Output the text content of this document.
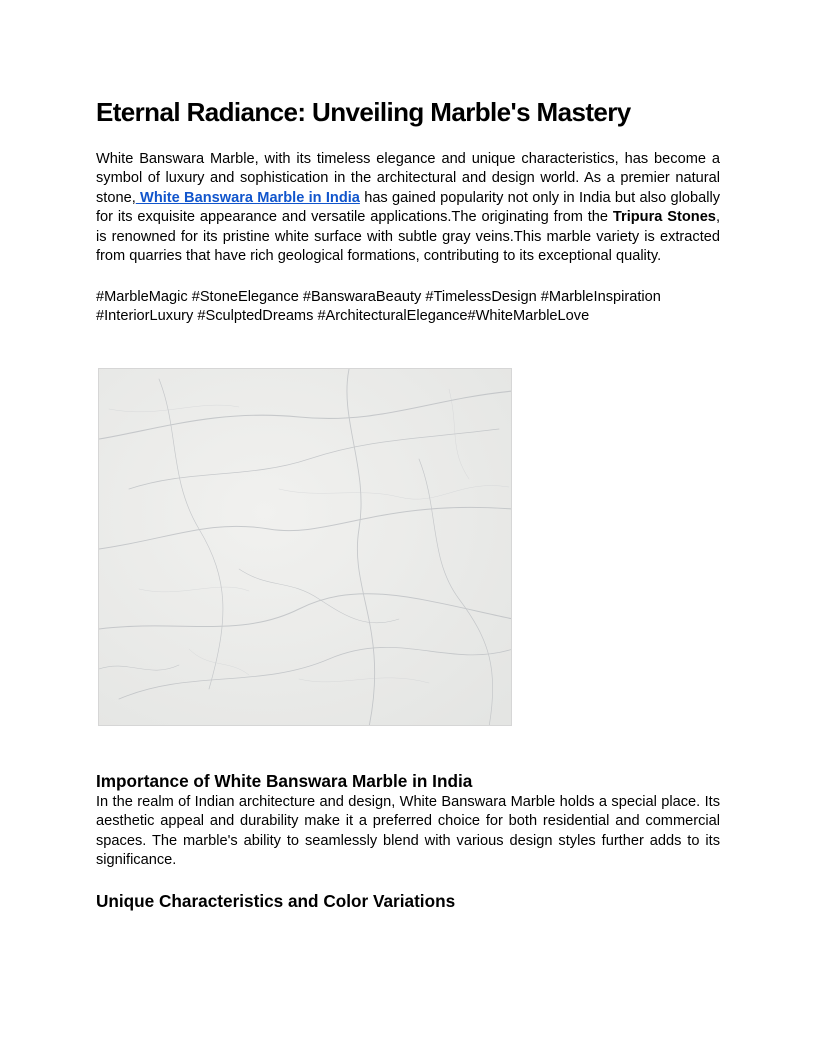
Eternal Radiance: Unveiling Marble's Mastery

White Banswara Marble, with its timeless elegance and unique characteristics, has become a symbol of luxury and sophistication in the architectural and design world. As a premier natural stone, White Banswara Marble in India has gained popularity not only in India but also globally for its exquisite appearance and versatile applications.The originating from the Tripura Stones, is renowned for its pristine white surface with subtle gray veins.This marble variety is extracted from quarries that have rich geological formations, contributing to its exceptional quality.

#MarbleMagic #StoneElegance #BanswaraBeauty #TimelessDesign #MarbleInspiration
#InteriorLuxury #SculptedDreams #ArchitecturalElegance#WhiteMarbleLove

Importance of White Banswara Marble in India

In the realm of Indian architecture and design, White Banswara Marble holds a special place. Its aesthetic appeal and durability make it a preferred choice for both residential and commercial spaces. The marble's ability to seamlessly blend with various design styles further adds to its significance.

Unique Characteristics and Color Variations
